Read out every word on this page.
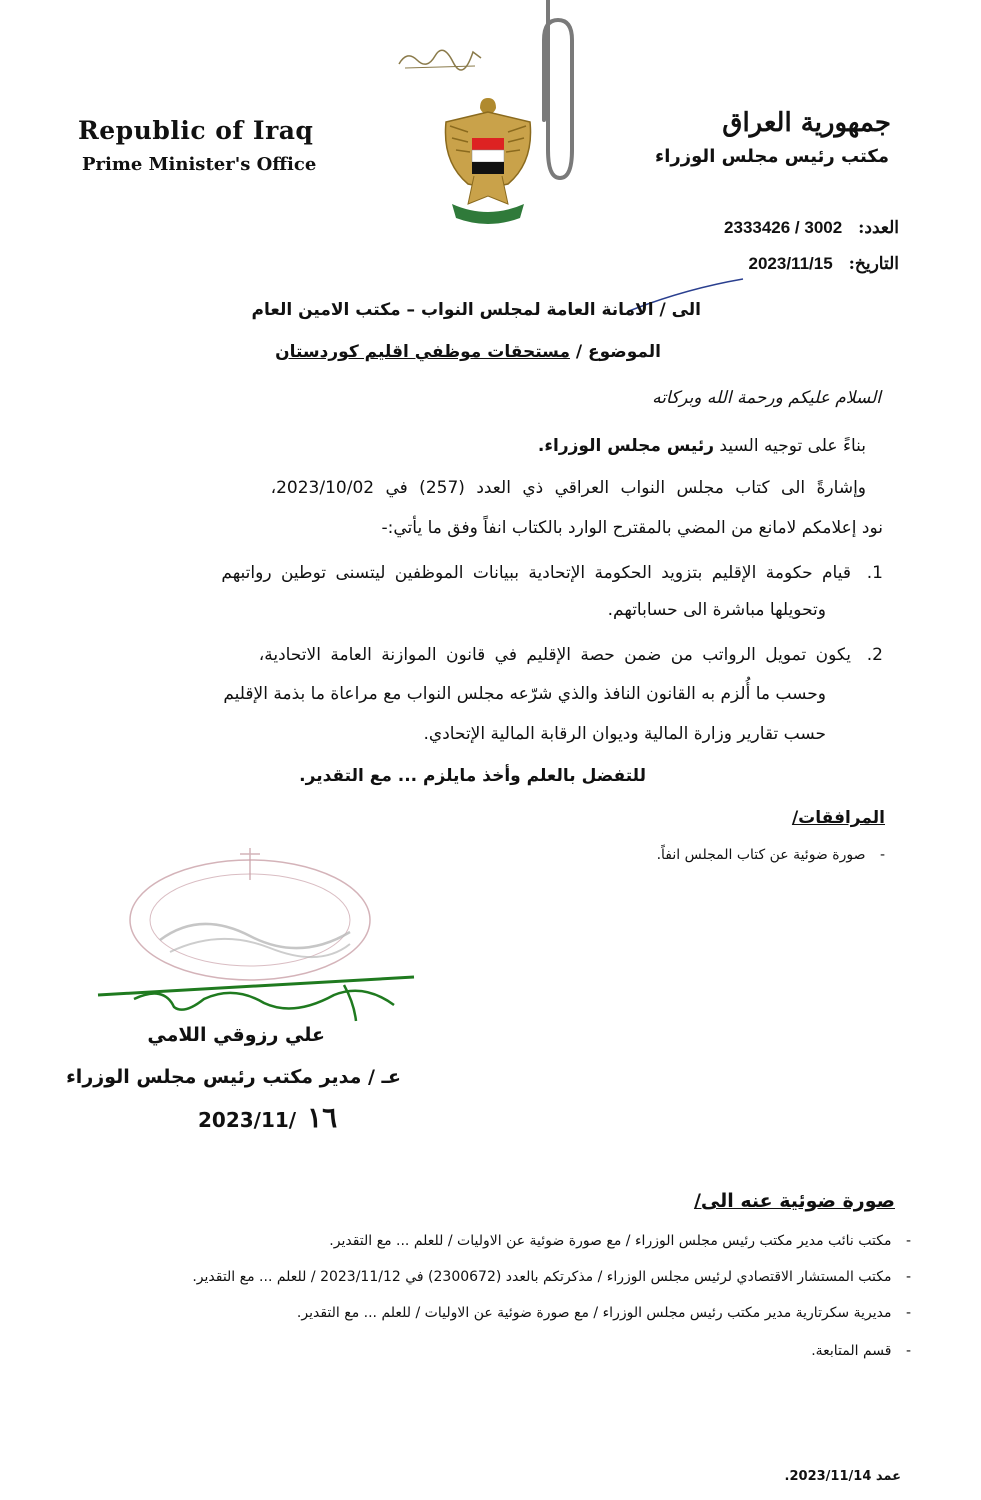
Republic of Iraq
Prime Minister's Office
جمهورية العراق
مكتب رئيس مجلس الوزراء
العدد: 2333426 / 3002
التاريخ: 2023/11/15
الى / الامانة العامة لمجلس النواب – مكتب الامين العام
الموضوع / مستحقات موظفي اقليم كوردستان
السلام عليكم ورحمة الله وبركاته
بناءً على توجيه السيد رئيس مجلس الوزراء.
وإشارةً الى كتاب مجلس النواب العراقي ذي العدد (257) في 2023/10/02،
نود إعلامكم لامانع من المضي بالمقترح الوارد بالكتاب انفاً وفق ما يأتي:-
1.
قيام حكومة الإقليم بتزويد الحكومة الإتحادية ببيانات الموظفين ليتسنى توطين رواتبهم
وتحويلها مباشرة الى حساباتهم.
2.
يكون تمويل الرواتب من ضمن حصة الإقليم في قانون الموازنة العامة الاتحادية،
وحسب ما أُلزم به القانون النافذ والذي شرّعه مجلس النواب مع مراعاة ما بذمة الإقليم
حسب تقارير وزارة المالية وديوان الرقابة المالية الإتحادي.
للتفضل بالعلم وأخذ مايلزم ... مع التقدير.
المرافقات/
- صورة ضوئية عن كتاب المجلس انفاً.
علي رزوقي اللامي
عـ / مدير مكتب رئيس مجلس الوزراء
2023/11/ ١٦
صورة ضوئية عنه الى/
- مكتب نائب مدير مكتب رئيس مجلس الوزراء / مع صورة ضوئية عن الاوليات / للعلم ... مع التقدير.
- مكتب المستشار الاقتصادي لرئيس مجلس الوزراء / مذكرتكم بالعدد (2300672) في 2023/11/12 / للعلم ... مع التقدير.
- مديرية سكرتارية مدير مكتب رئيس مجلس الوزراء / مع صورة ضوئية عن الاوليات / للعلم ... مع التقدير.
- قسم المتابعة.
عمد 2023/11/14.
